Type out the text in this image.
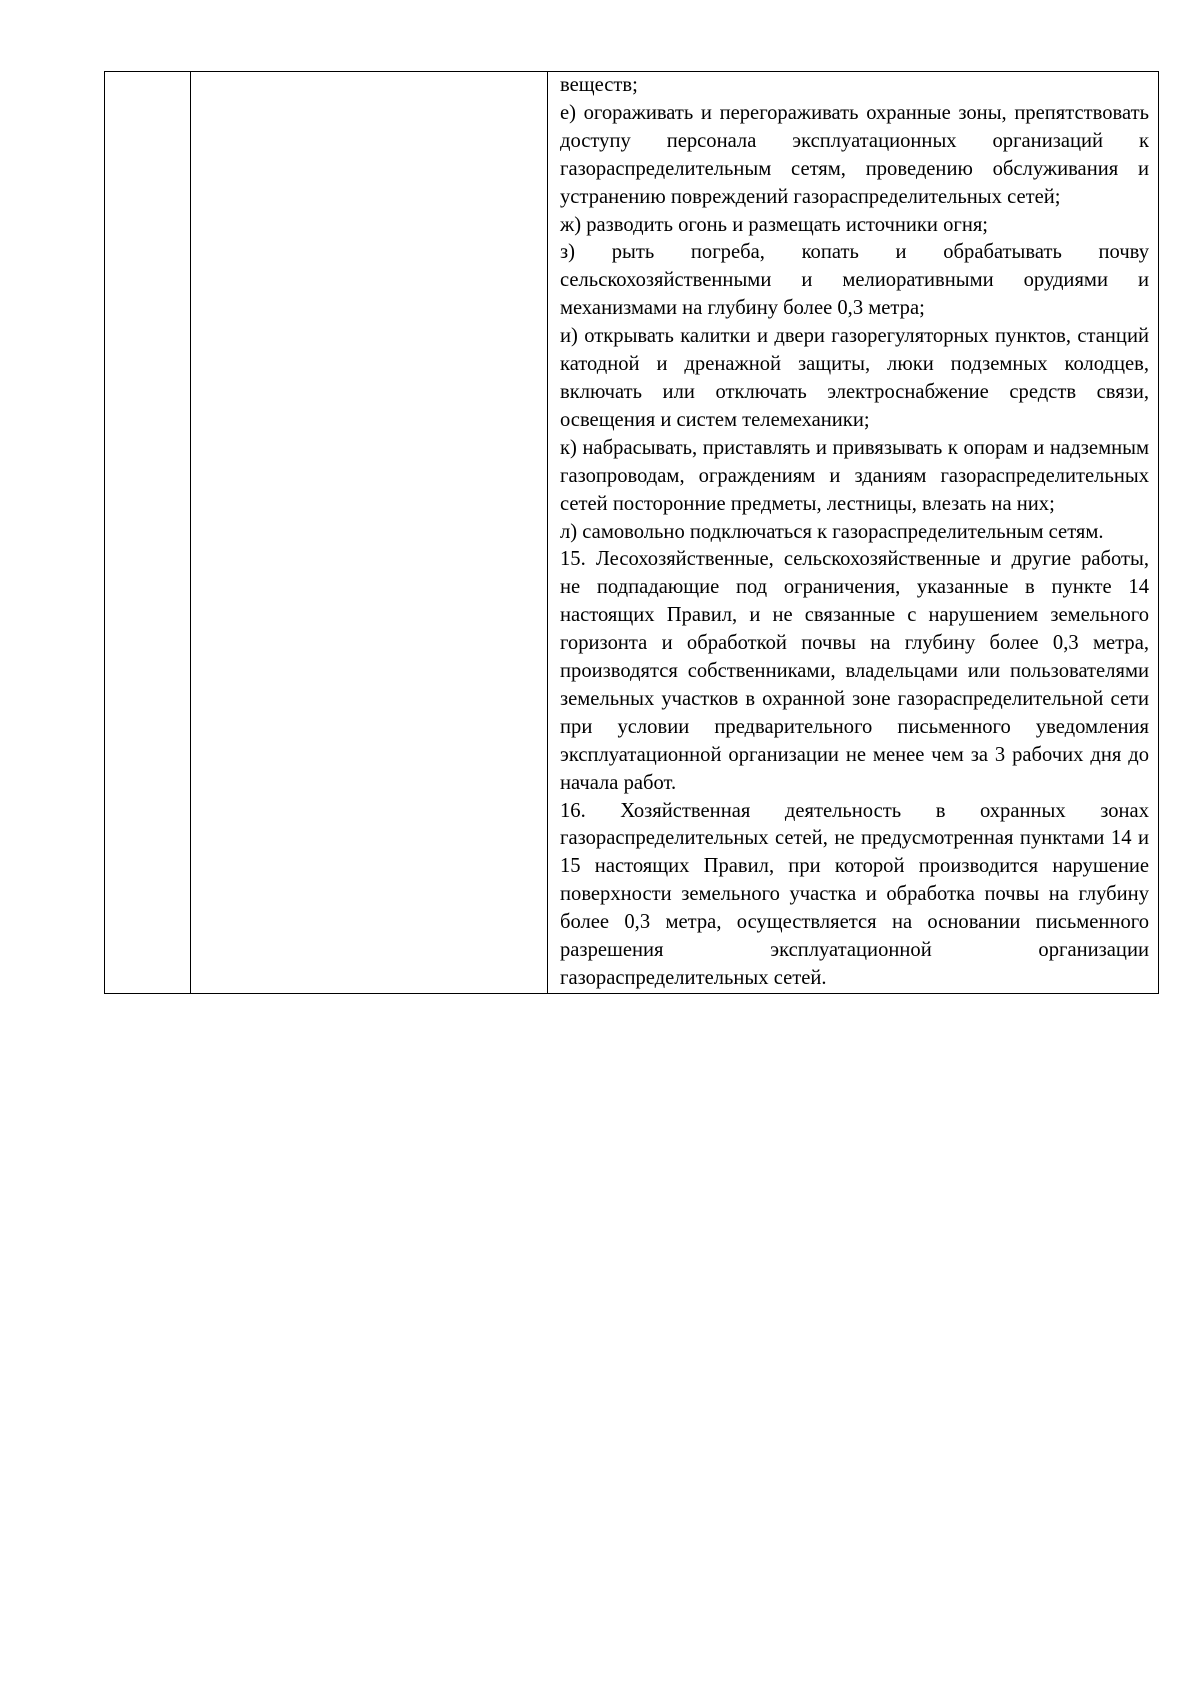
веществ;

е) огораживать и перегораживать охранные зоны, препятствовать доступу персонала эксплуатационных организаций к газораспределительным сетям, проведению обслуживания и устранению повреждений газораспределительных сетей;

ж) разводить огонь и размещать источники огня;

з) рыть погреба, копать и обрабатывать почву сельскохозяйственными и мелиоративными орудиями и механизмами на глубину более 0,3 метра;

и) открывать калитки и двери газорегуляторных пунктов, станций катодной и дренажной защиты, люки подземных колодцев, включать или отключать электроснабжение средств связи, освещения и систем телемеханики;

к) набрасывать, приставлять и привязывать к опорам и надземным газопроводам, ограждениям и зданиям газораспределительных сетей посторонние предметы, лестницы, влезать на них;

л) самовольно подключаться к газораспределительным сетям.

15. Лесохозяйственные, сельскохозяйственные и другие работы, не подпадающие под ограничения, указанные в пункте 14 настоящих Правил, и не связанные с нарушением земельного горизонта и обработкой почвы на глубину более 0,3 метра, производятся собственниками, владельцами или пользователями земельных участков в охранной зоне газораспределительной сети при условии предварительного письменного уведомления эксплуатационной организации не менее чем за 3 рабочих дня до начала работ.

16. Хозяйственная деятельность в охранных зонах газораспределительных сетей, не предусмотренная пунктами 14 и 15 настоящих Правил, при которой производится нарушение поверхности земельного участка и обработка почвы на глубину более 0,3 метра, осуществляется на основании письменного разрешения эксплуатационной организации газораспределительных сетей.
